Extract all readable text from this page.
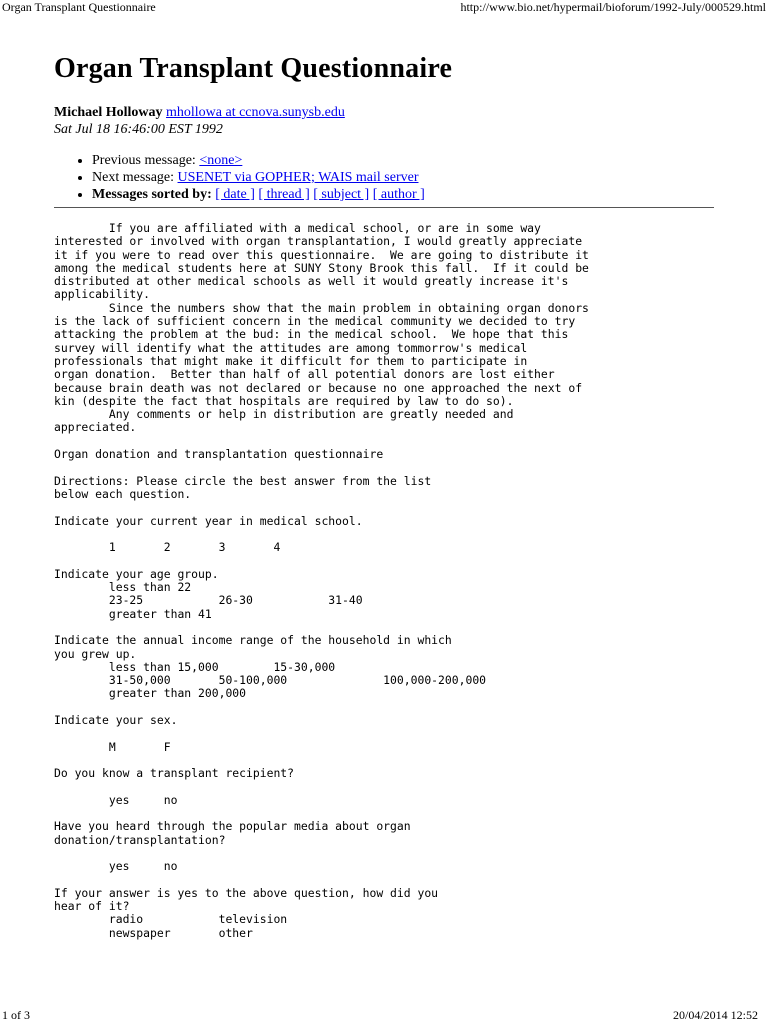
Organ Transplant Questionnaire	http://www.bio.net/hypermail/bioforum/1992-July/000529.html
Organ Transplant Questionnaire
Michael Holloway mhollowa at ccnova.sunysb.edu
Sat Jul 18 16:46:00 EST 1992
• Previous message: <none>
• Next message: USENET via GOPHER; WAIS mail server
• Messages sorted by: [ date ] [ thread ] [ subject ] [ author ]
If you are affiliated with a medical school, or are in some way
interested or involved with organ transplantation, I would greatly appreciate
it if you were to read over this questionnaire.  We are going to distribute it
among the medical students here at SUNY Stony Brook this fall.  If it could be
distributed at other medical schools as well it would greatly increase it's
applicability.
Since the numbers show that the main problem in obtaining organ donors
is the lack of sufficient concern in the medical community we decided to try
attacking the problem at the bud: in the medical school.  We hope that this
survey will identify what the attitudes are among tommorrow's medical
professionals that might make it difficult for them to participate in
organ donation.  Better than half of all potential donors are lost either
because brain death was not declared or because no one approached the next of
kin (despite the fact that hospitals are required by law to do so).
Any comments or help in distribution are greatly needed and
appreciated.

Organ donation and transplantation questionnaire

Directions: Please circle the best answer from the list
below each question.

Indicate your current year in medical school.

1       2       3       4

Indicate your age group.
less than 22
23-25           26-30           31-40
greater than 41

Indicate the annual income range of the household in which
you grew up.
less than 15,000        15-30,000
31-50,000       50-100,000              100,000-200,000
greater than 200,000

Indicate your sex.

M       F

Do you know a transplant recipient?

yes     no

Have you heard through the popular media about organ
donation/transplantation?

yes     no

If your answer is yes to the above question, how did you
hear of it?
radio           television
newspaper       other
1 of 3	20/04/2014 12:52
